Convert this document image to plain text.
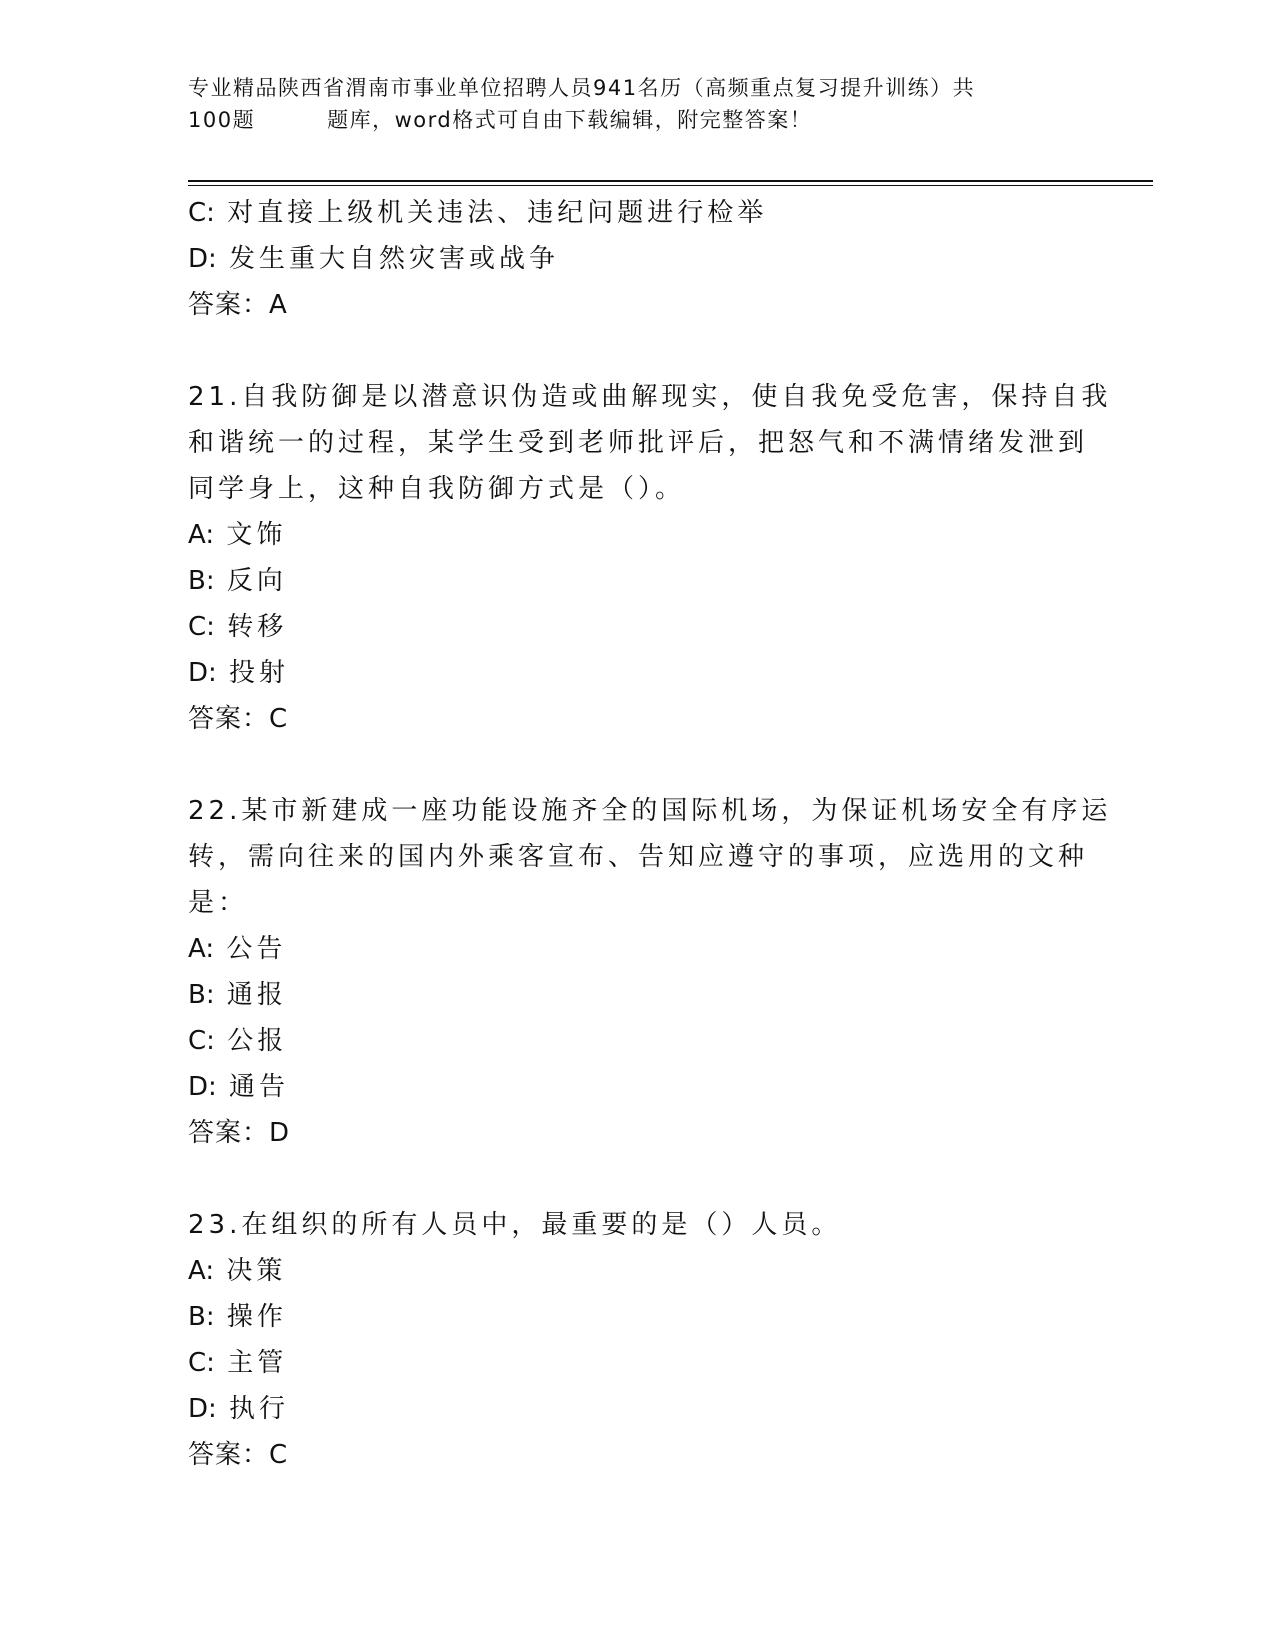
专业精品陕西省渭南市事业单位招聘人员941名历（高频重点复习提升训练）共
100题	题库，word格式可自由下载编辑，附完整答案！
C: 对直接上级机关违法、违纪问题进行检举
D: 发生重大自然灾害或战争
答案：A
21.自我防御是以潜意识伪造或曲解现实，使自我免受危害，保持自我
和谐统一的过程，某学生受到老师批评后，把怒气和不满情绪发泄到
同学身上，这种自我防御方式是（）。
A: 文饰
B: 反向
C: 转移
D: 投射
答案：C
22.某市新建成一座功能设施齐全的国际机场，为保证机场安全有序运
转，需向往来的国内外乘客宣布、告知应遵守的事项，应选用的文种
是：
A: 公告
B: 通报
C: 公报
D: 通告
答案：D
23.在组织的所有人员中，最重要的是（）人员。
A: 决策
B: 操作
C: 主管
D: 执行
答案：C
